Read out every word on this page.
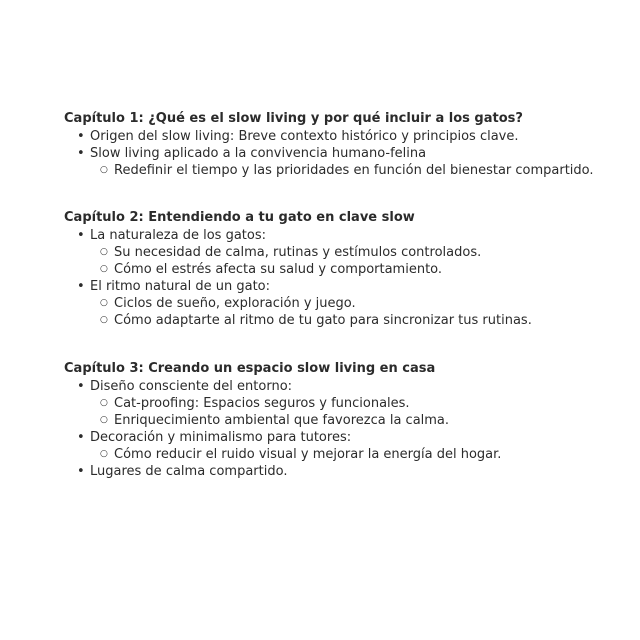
Capítulo 1: ¿Qué es el slow living y por qué incluir a los gatos?
• Origen del slow living: Breve contexto histórico y principios clave.
• Slow living aplicado a la convivencia humano-felina
○ Redefinir el tiempo y las prioridades en función del bienestar compartido.
Capítulo 2: Entendiendo a tu gato en clave slow
• La naturaleza de los gatos:
○ Su necesidad de calma, rutinas y estímulos controlados.
○ Cómo el estrés afecta su salud y comportamiento.
• El ritmo natural de un gato:
○ Ciclos de sueño, exploración y juego.
○ Cómo adaptarte al ritmo de tu gato para sincronizar tus rutinas.
Capítulo 3: Creando un espacio slow living en casa
• Diseño consciente del entorno:
○ Cat-proofing: Espacios seguros y funcionales.
○ Enriquecimiento ambiental que favorezca la calma.
• Decoración y minimalismo para tutores:
○ Cómo reducir el ruido visual y mejorar la energía del hogar.
• Lugares de calma compartido.
